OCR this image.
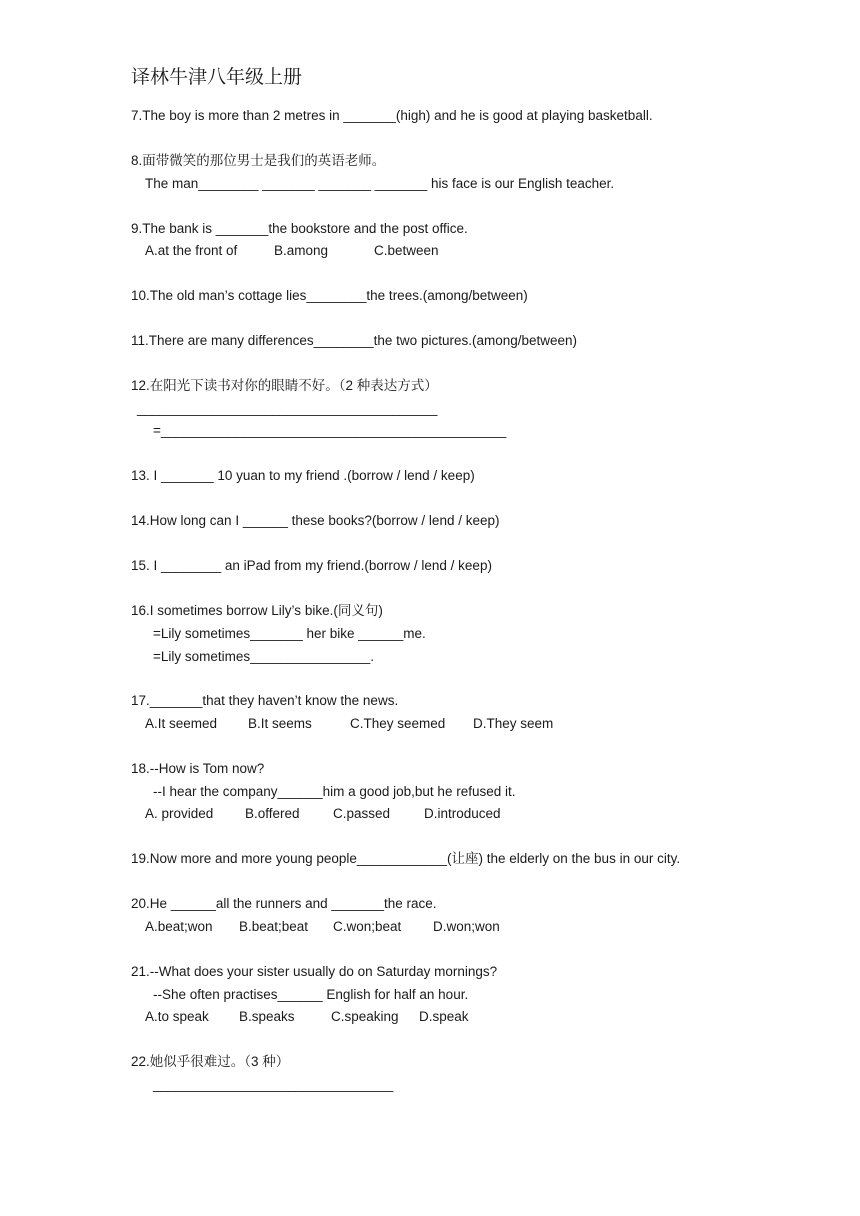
译林牛津八年级上册
7.The boy is more than 2 metres in _______(high) and he is good at playing basketball.
8.面带微笑的那位男士是我们的英语老师。
The man________ _______ _______ _______ his face is our English teacher.
9.The bank is _______the bookstore and the post office.
A.at the front of	B.among	C.between
10.The old man’s cottage lies________the trees.(among/between)
11.There are many differences________the two pictures.(among/between)
12.在阳光下读书对你的眼睛不好。（2 种表达方式）
________________________________________
=______________________________________________
13. I _______ 10 yuan to my friend .(borrow / lend / keep)
14.How long can I ______ these books?(borrow / lend / keep)
15. I ________ an iPad from my friend.(borrow / lend / keep)
16.I sometimes borrow Lily’s bike.(同义句)
=Lily sometimes_______ her bike ______me.
=Lily sometimes________________.
17._______that they haven’t know the news.
A.It seemed B.It seems	C.They seemed D.They seem
18.--How is Tom now?
--I hear the company______him a good job,but he refused it.
A. provided B.offered C.passed	D.introduced
19.Now more and more young people____________(让座) the elderly on the bus in our city.
20.He ______all the runners and _______the race.
A.beat;won B.beat;beat C.won;beat D.won;won
21.--What does your sister usually do on Saturday mornings?
--She often practises______ English for half an hour.
A.to speak B.speaks	C.speaking D.speak
22.她似乎很难过。（3 种）
________________________________
